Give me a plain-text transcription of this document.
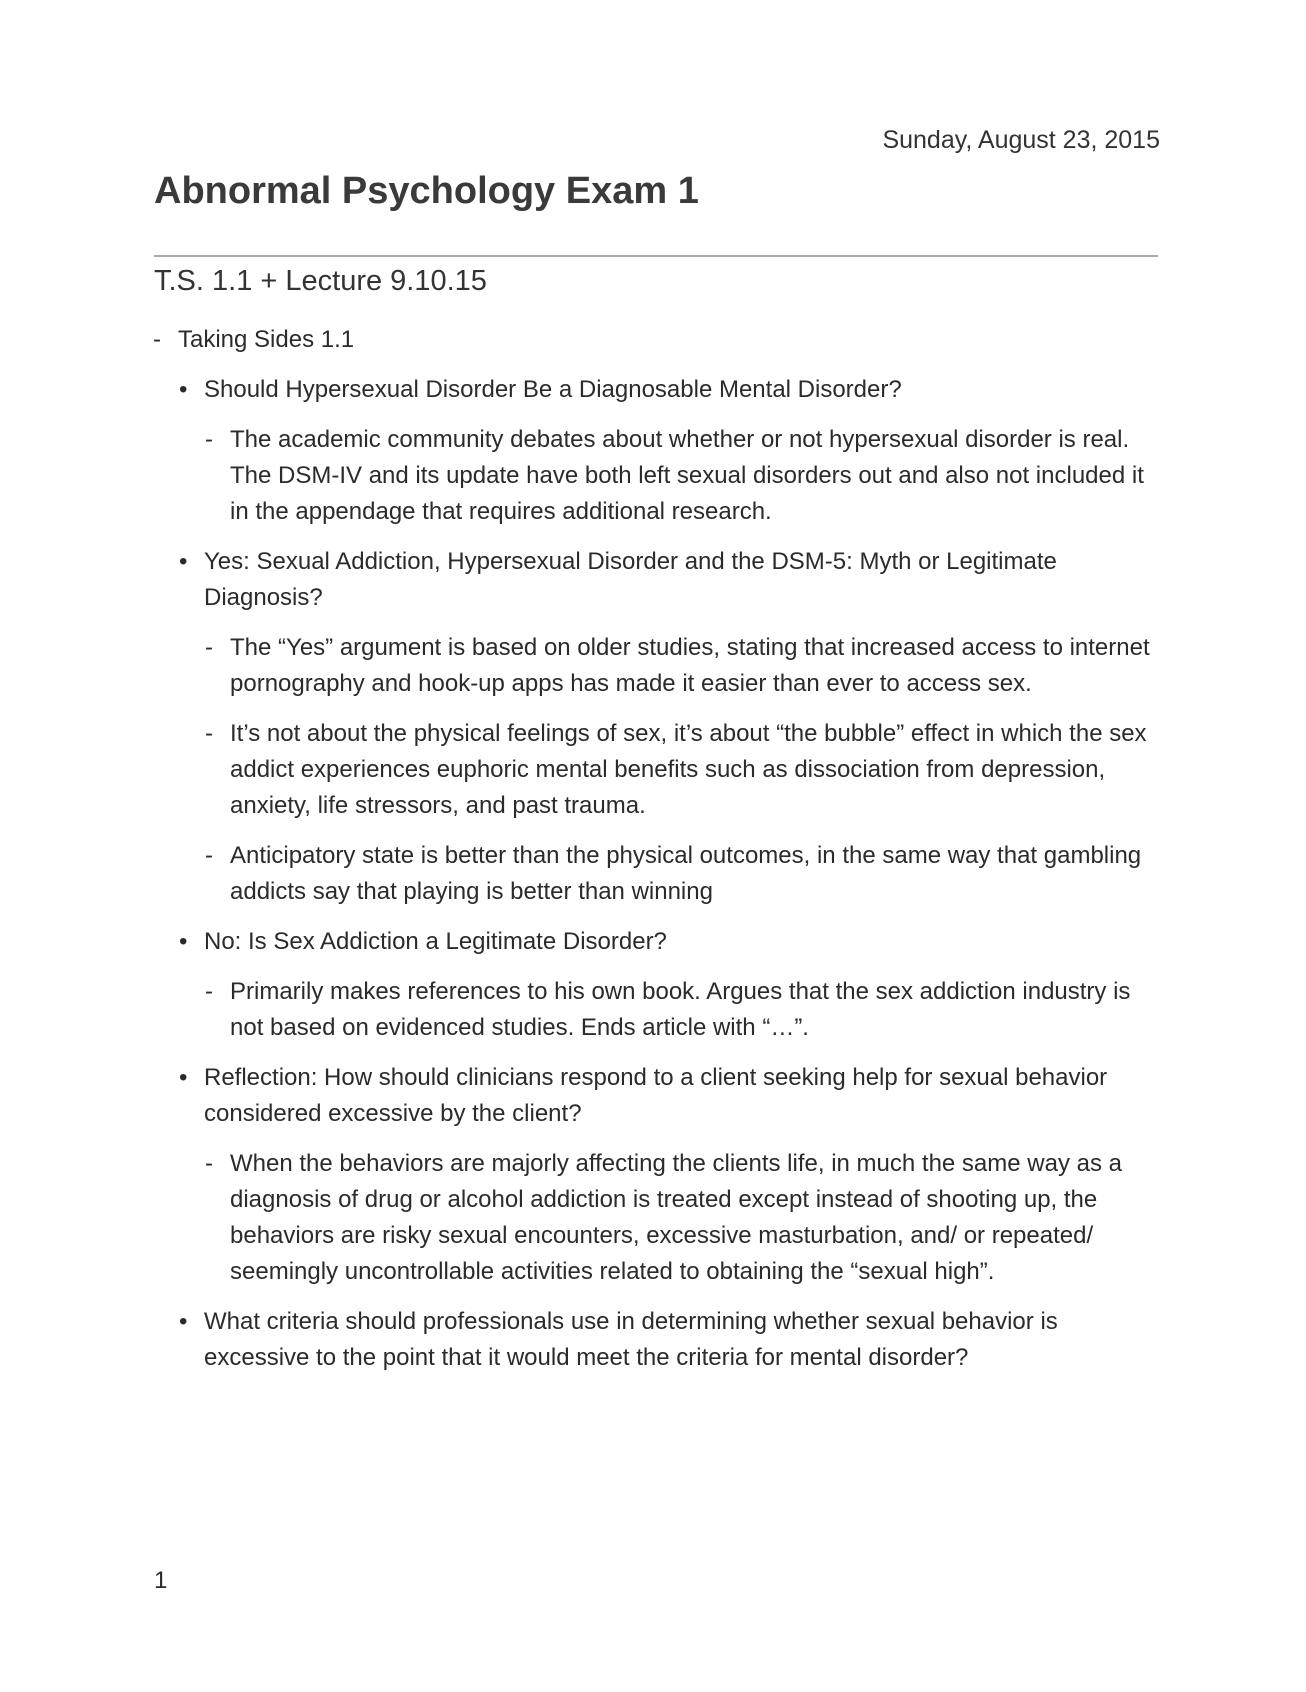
Sunday, August 23, 2015
Abnormal Psychology Exam 1
T.S. 1.1 + Lecture 9.10.15
- Taking Sides 1.1
• Should Hypersexual Disorder Be a Diagnosable Mental Disorder?
- The academic community debates about whether or not hypersexual disorder is real. The DSM-IV and its update have both left sexual disorders out and also not included it in the appendage that requires additional research.
• Yes: Sexual Addiction, Hypersexual Disorder and the DSM-5: Myth or Legitimate Diagnosis?
- The “Yes” argument is based on older studies, stating that increased access to internet pornography and hook-up apps has made it easier than ever to access sex.
- It’s not about the physical feelings of sex, it’s about “the bubble” effect in which the sex addict experiences euphoric mental benefits such as dissociation from depression, anxiety, life stressors, and past trauma.
- Anticipatory state is better than the physical outcomes, in the same way that gambling addicts say that playing is better than winning
• No: Is Sex Addiction a Legitimate Disorder?
- Primarily makes references to his own book. Argues that the sex addiction industry is not based on evidenced studies. Ends article with “…”.
• Reflection: How should clinicians respond to a client seeking help for sexual behavior considered excessive by the client?
- When the behaviors are majorly affecting the clients life, in much the same way as a diagnosis of drug or alcohol addiction is treated except instead of shooting up, the behaviors are risky sexual encounters, excessive masturbation, and/ or repeated/ seemingly uncontrollable activities related to obtaining the “sexual high”.
• What criteria should professionals use in determining whether sexual behavior is excessive to the point that it would meet the criteria for mental disorder?
1
